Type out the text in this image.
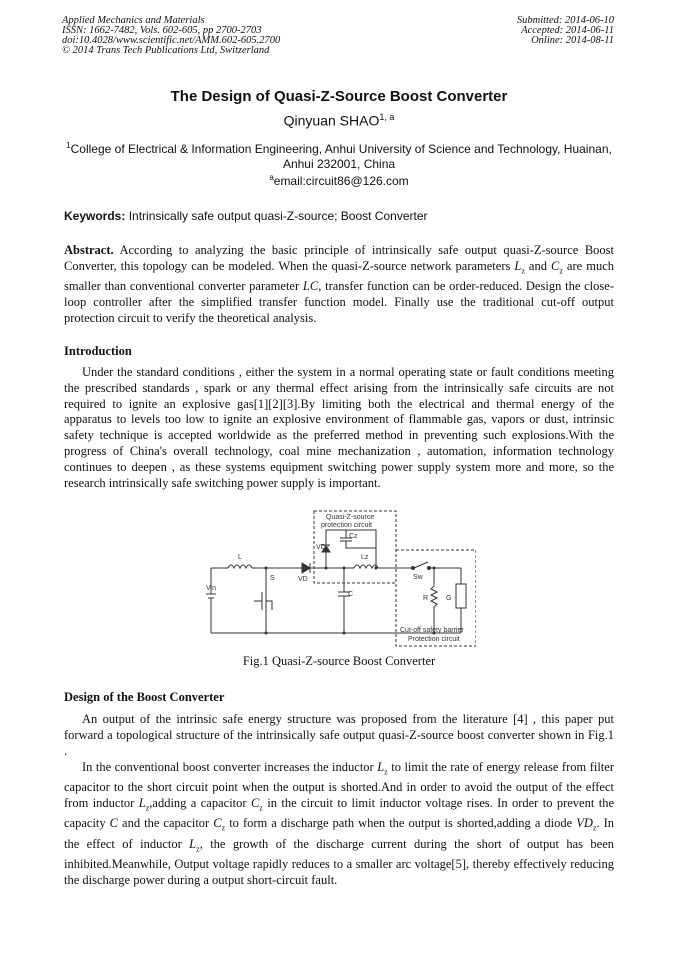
Applied Mechanics and Materials
ISSN: 1662-7482, Vols. 602-605, pp 2700-2703
doi:10.4028/www.scientific.net/AMM.602-605.2700
© 2014 Trans Tech Publications Ltd, Switzerland
Submitted: 2014-06-10
Accepted: 2014-06-11
Online: 2014-08-11
The Design of Quasi-Z-Source Boost Converter
Qinyuan SHAO$^{1, a}$
$^1$College of Electrical & Information Engineering, Anhui University of Science and Technology, Huainan, Anhui 232001, China
$^a$email:circuit86@126.com
Keywords: Intrinsically safe output quasi-Z-source; Boost Converter
Abstract. According to analyzing the basic principle of intrinsically safe output quasi-Z-source Boost Converter, this topology can be modeled. When the quasi-Z-source network parameters $L_z$ and $C_z$ are much smaller than conventional converter parameter LC, transfer function can be order-reduced. Design the close-loop controller after the simplified transfer function model. Finally use the traditional cut-off output protection circuit to verify the theoretical analysis.
Introduction
Under the standard conditions , either the system in a normal operating state or fault conditions meeting the prescribed standards , spark or any thermal effect arising from the intrinsically safe circuits are not required to ignite an explosive gas[1][2][3].By limiting both the electrical and thermal energy of the apparatus to levels too low to ignite an explosive environment of flammable gas, vapors or dust, intrinsic safety technique is accepted worldwide as the preferred method in preventing such explosions.With the progress of China's overall technology, coal mine mechanization , automation, information technology continues to deepen , as these systems equipment switching power supply system more and more, so the research intrinsically safe switching power supply is important.
Quasi-Z-source
protection circuit
Cz
VDz
Lz
L
S	VD
C
Sw
R	G
Vin
Cut-off safety barrier
Protection circuit
Fig.1 Quasi-Z-source Boost Converter
Design of the Boost Converter
An output of the intrinsic safe energy structure was proposed from the literature [4] , this paper put forward a topological structure of the intrinsically safe output quasi-Z-source boost converter shown in Fig.1 .
In the conventional boost converter increases the inductor $L_z$ to limit the rate of energy release from filter capacitor to the short circuit point when the output is shorted.And in order to avoid the output of the effect from inductor $L_z,adding$ a capacitor $C_z$ in the circuit to limit inductor voltage rises. In order to prevent the capacity C and the capacitor $C_z$ to form a discharge path when the output is shorted,adding a diode $VD_z$. In the effect of inductor $L_z$, the growth of the discharge current during the short of output has been inhibited.Meanwhile, Output voltage rapidly reduces to a smaller arc voltage[5], thereby effectively reducing the discharge power during a output short-circuit fault.
